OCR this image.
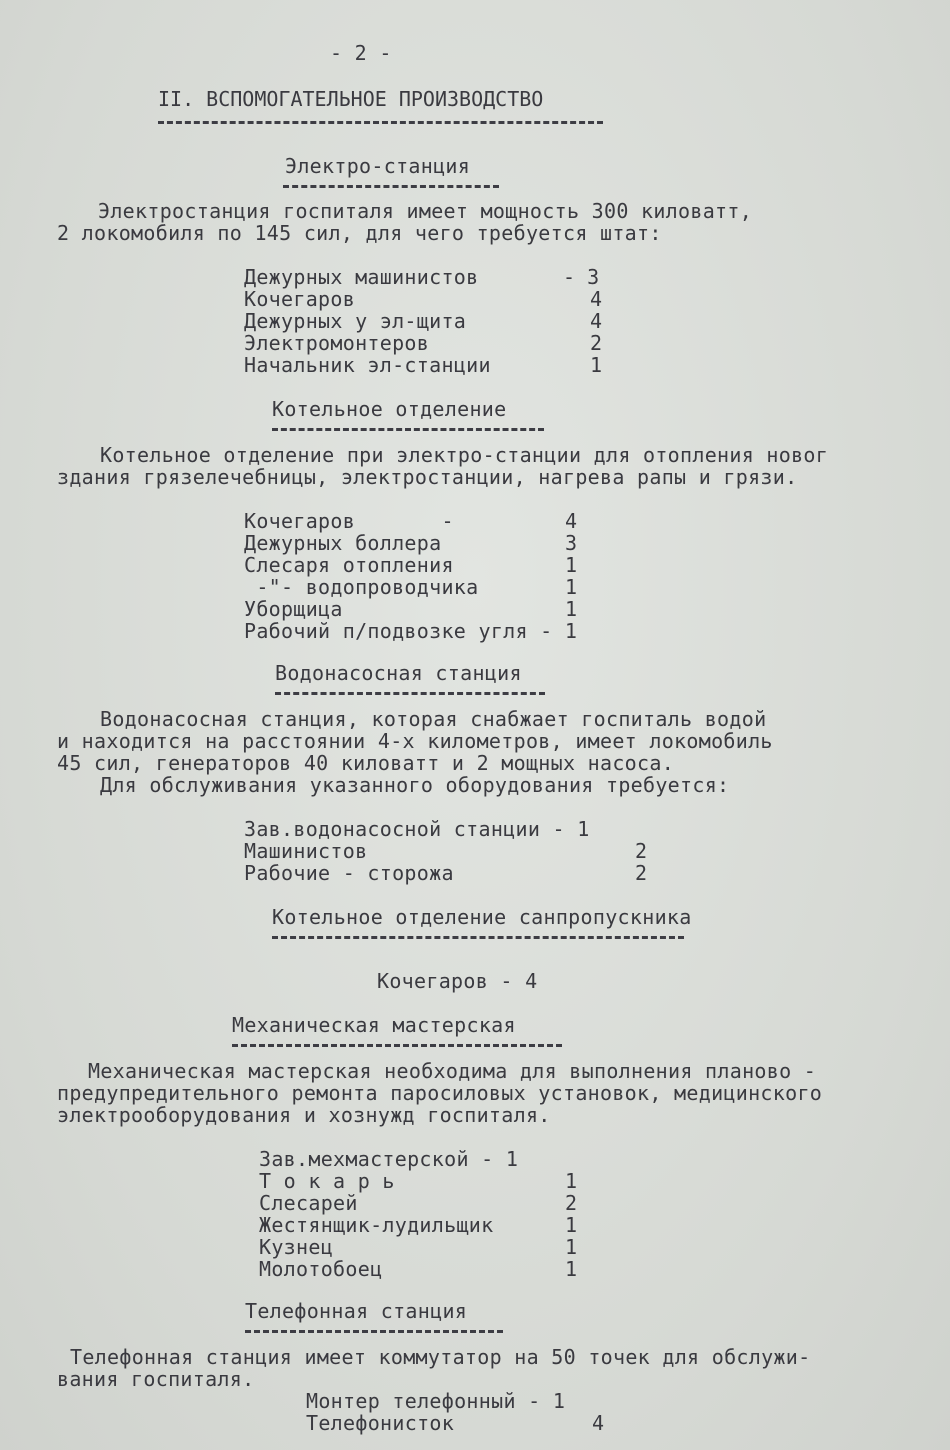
- 2 -
II. ВСПОМОГАТЕЛЬНОЕ ПРОИЗВОДСТВО
Электро-станция
Электростанция госпиталя имеет мощность 300 киловатт,
2 локомобиля по 145 сил, для чего требуется штат:
Дежурных машинистов	- 3
Кочегаров	4
Дежурных у эл-щита	4
Электромонтеров	2
Начальник эл-станции	1
Котельное отделение
Котельное отделение при электро-станции для отопления новог
здания грязелечебницы, электростанции, нагрева рапы и грязи.
Кочегаров       -	4
Дежурных боллера	3
Слесаря отопления	1
-"- водопроводчика	1
Уборщица	1
Рабочий п/подвозке угля - 1
Водонасосная станция
Водонасосная станция, которая снабжает госпиталь водой
и находится на расстоянии 4-х километров, имеет локомобиль
45 сил, генераторов 40 киловатт и 2 мощных насоса.
Для обслуживания указанного оборудования требуется:
Зав.водонасосной станции - 1
Машинистов	2
Рабочие - сторожа	2
Котельное отделение санпропускника
Кочегаров - 4
Механическая мастерская
Механическая мастерская необходима для выполнения планово -
предупредительного ремонта паросиловых установок, медицинского
электрооборудования и хознужд госпиталя.
Зав.мехмастерской - 1
Т о к а р ь	1
Слесарей	2
Жестянщик-лудильщик	1
Кузнец	1
Молотобоец	1
Телефонная станция
Телефонная станция имеет коммутатор на 50 точек для обслужи-
вания госпиталя.
Монтер телефонный - 1
Телефонисток	4
